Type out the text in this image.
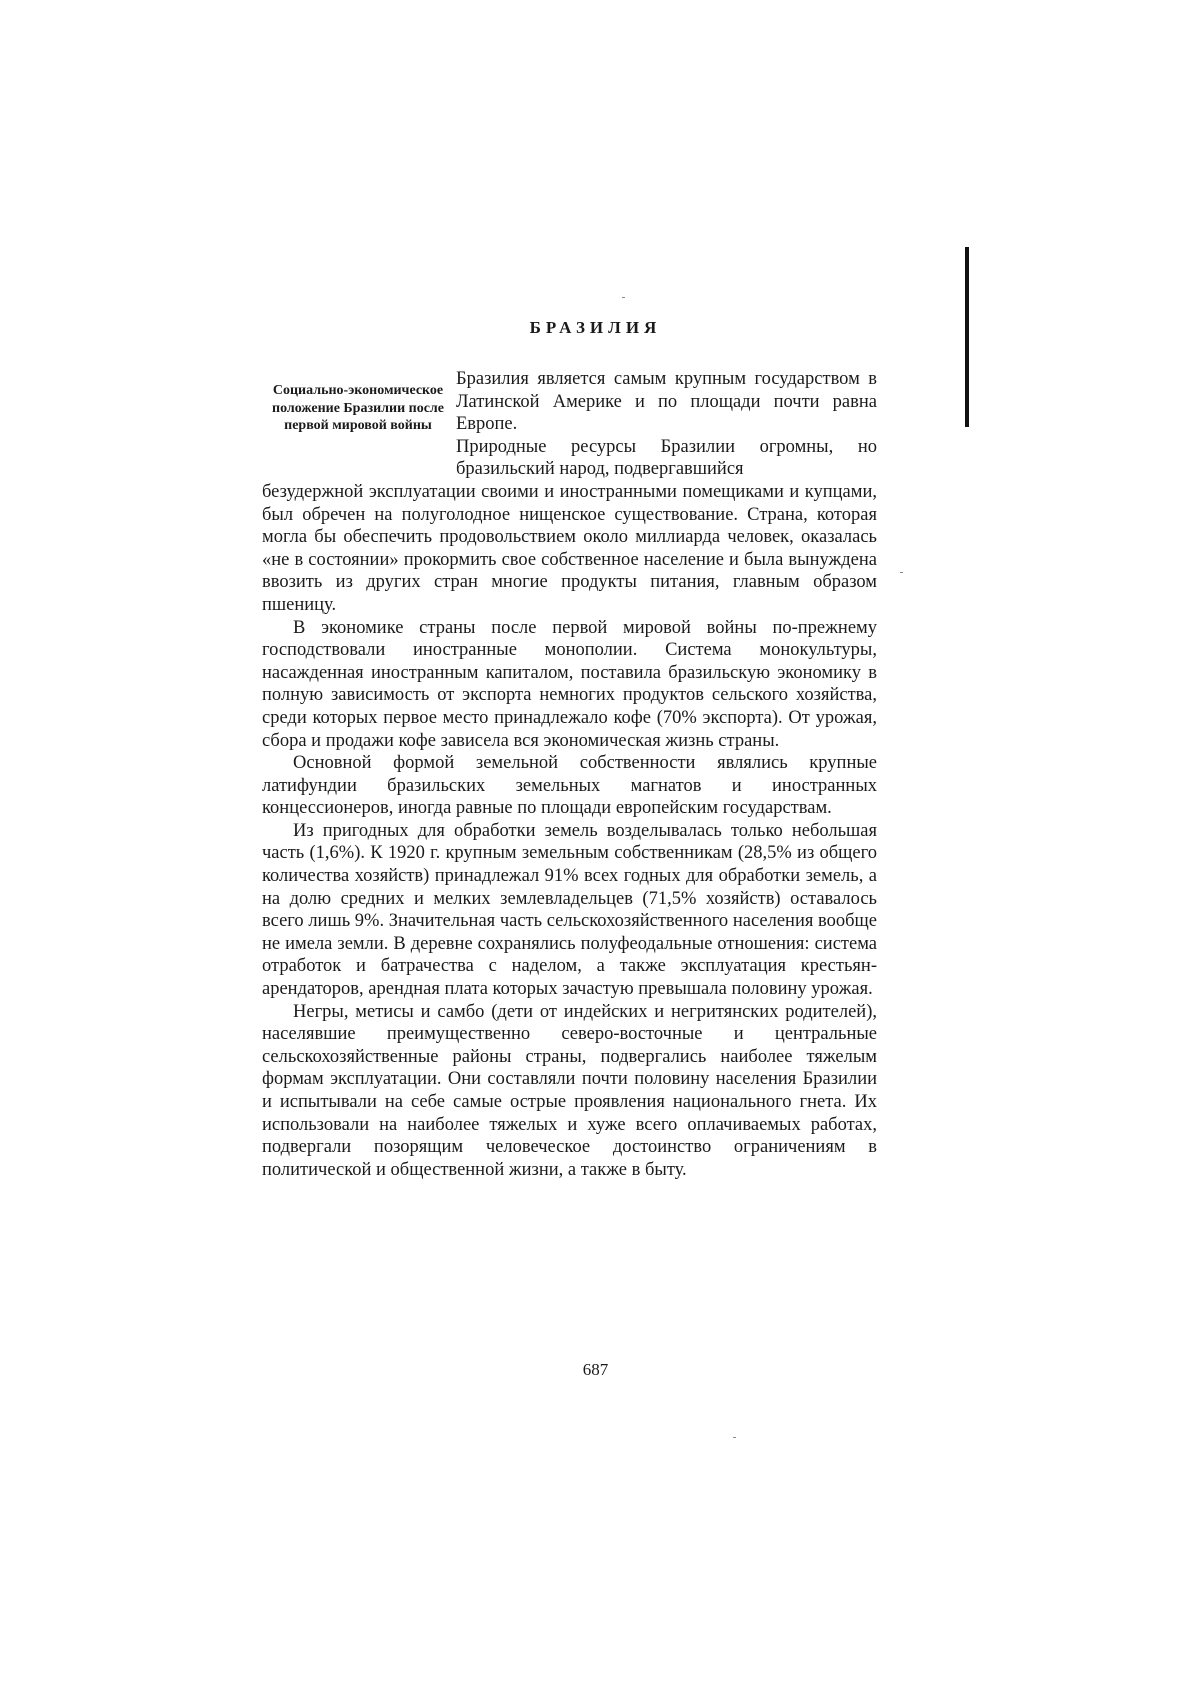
БРАЗИЛИЯ
Социально-экономическое положение Бразилии после первой мировой войны

Бразилия является самым крупным государством в Латинской Америке и по площади почти равна Европе.

Природные ресурсы Бразилии огромны, но бразильский народ, подвергавшийся

безудержной эксплуатации своими и иностранными помещиками и купцами, был обречен на полуголодное нищенское существование. Страна, которая могла бы обеспечить продовольствием около миллиарда человек, оказалась «не в состоянии» прокормить свое собственное население и была вынуждена ввозить из других стран многие продукты питания, главным образом пшеницу.

В экономике страны после первой мировой войны по-прежнему господствовали иностранные монополии. Система монокультуры, насажденная иностранным капиталом, поставила бразильскую экономику в полную зависимость от экспорта немногих продуктов сельского хозяйства, среди которых первое место принадлежало кофе (70% экспорта). От урожая, сбора и продажи кофе зависела вся экономическая жизнь страны.

Основной формой земельной собственности являлись крупные латифундии бразильских земельных магнатов и иностранных концессионеров, иногда равные по площади европейским государствам.

Из пригодных для обработки земель возделывалась только небольшая часть (1,6%). К 1920 г. крупным земельным собственникам (28,5% из общего количества хозяйств) принадлежал 91% всех годных для обработки земель, а на долю средних и мелких землевладельцев (71,5% хозяйств) оставалось всего лишь 9%. Значительная часть сельскохозяйственного населения вообще не имела земли. В деревне сохранялись полуфеодальные отношения: система отработок и батрачества с наделом, а также эксплуатация крестьян-арендаторов, арендная плата которых зачастую превышала половину урожая.

Негры, метисы и самбо (дети от индейских и негритянских родителей), населявшие преимущественно северо-восточные и центральные сельскохозяйственные районы страны, подвергались наиболее тяжелым формам эксплуатации. Они составляли почти половину населения Бразилии и испытывали на себе самые острые проявления национального гнета. Их использовали на наиболее тяжелых и хуже всего оплачиваемых работах, подвергали позорящим человеческое достоинство ограничениям в политической и общественной жизни, а также в быту.

687
